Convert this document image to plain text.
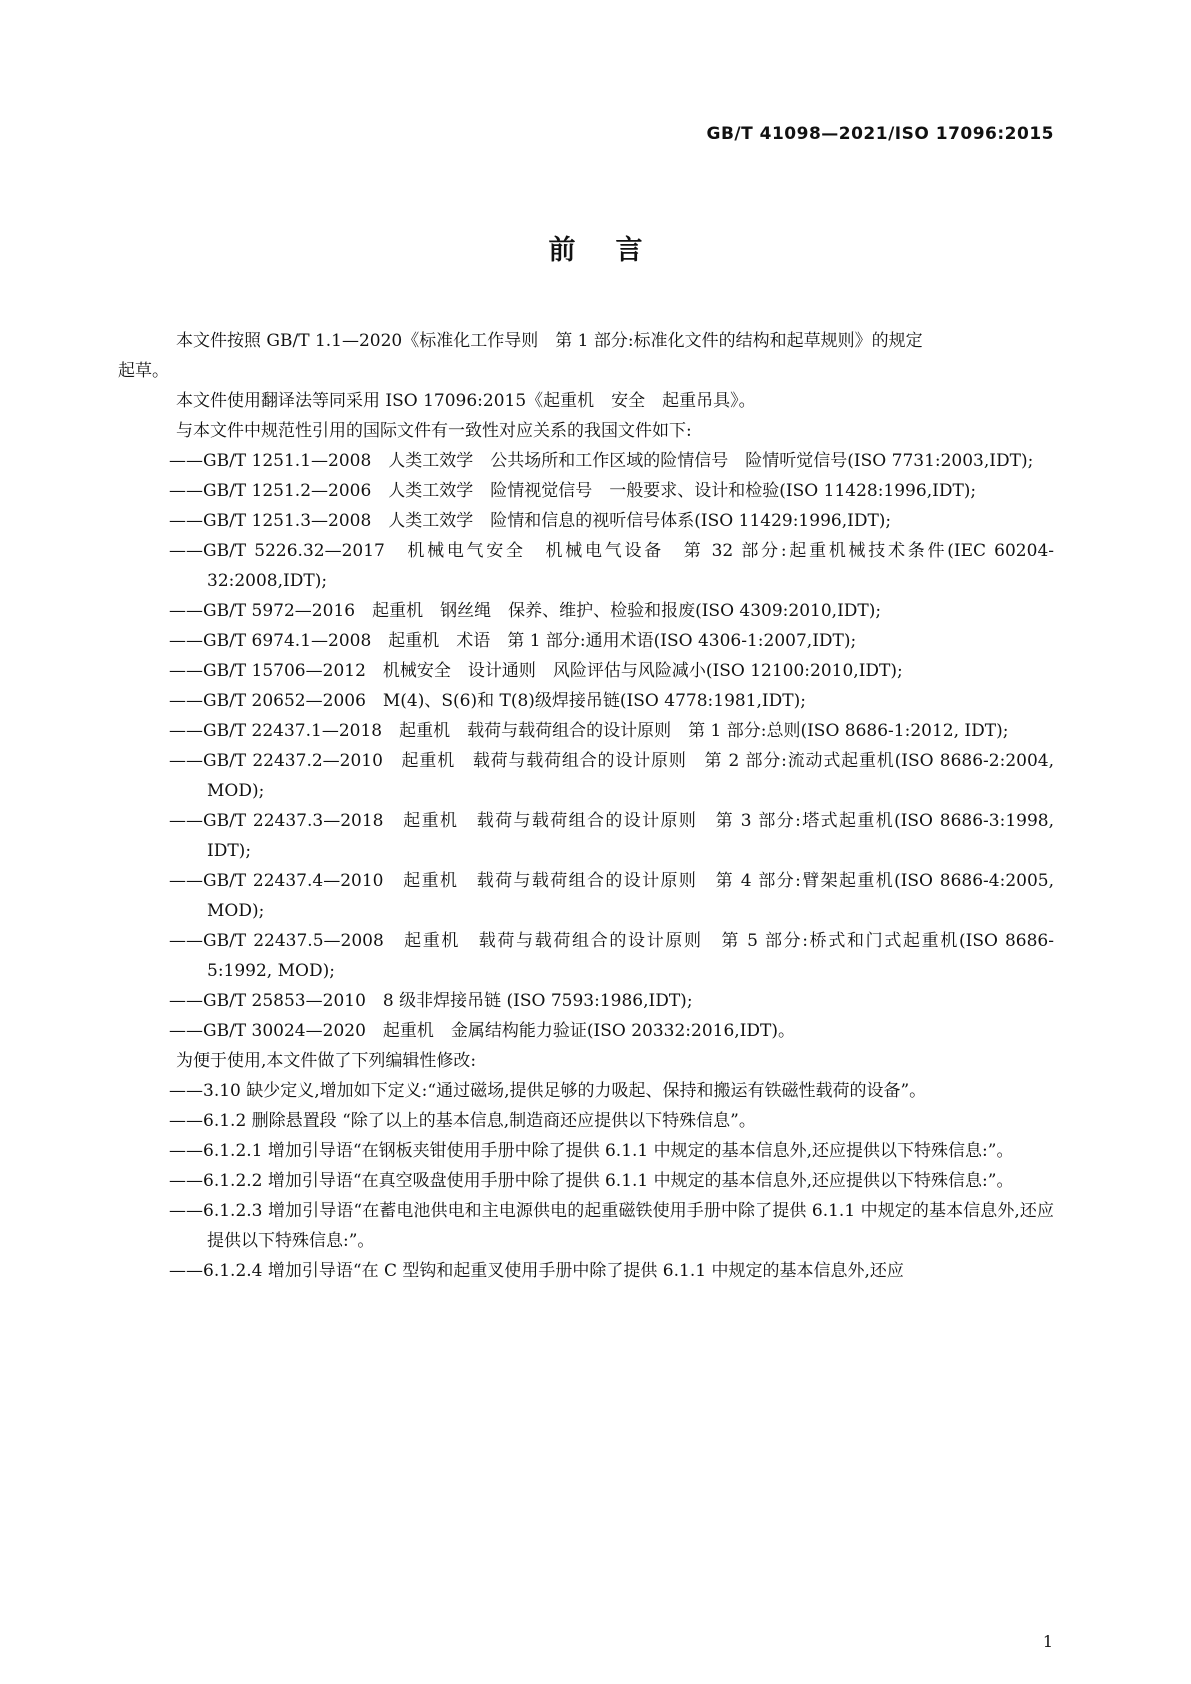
GB/T 41098—2021/ISO 17096:2015
前言

本文件按照 GB/T 1.1—2020《标准化工作导则　第 1 部分:标准化文件的结构和起草规则》的规定
起草。

本文件使用翻译法等同采用 ISO 17096:2015《起重机　安全　起重吊具》。

与本文件中规范性引用的国际文件有一致性对应关系的我国文件如下:

——GB/T 1251.1—2008　人类工效学　公共场所和工作区域的险情信号　险情听觉信号(ISO 7731:2003,IDT);
——GB/T 1251.2—2006　人类工效学　险情视觉信号　一般要求、设计和检验(ISO 11428:1996,IDT);
——GB/T 1251.3—2008　人类工效学　险情和信息的视听信号体系(ISO 11429:1996,IDT);
——GB/T 5226.32—2017　机械电气安全　机械电气设备　第 32 部分:起重机械技术条件(IEC 60204-32:2008,IDT);
——GB/T 5972—2016　起重机　钢丝绳　保养、维护、检验和报废(ISO 4309:2010,IDT);
——GB/T 6974.1—2008　起重机　术语　第 1 部分:通用术语(ISO 4306-1:2007,IDT);
——GB/T 15706—2012　机械安全　设计通则　风险评估与风险减小(ISO 12100:2010,IDT);
——GB/T 20652—2006　M(4)、S(6)和 T(8)级焊接吊链(ISO 4778:1981,IDT);
——GB/T 22437.1—2018　起重机　载荷与载荷组合的设计原则　第 1 部分:总则(ISO 8686-1:2012, IDT);
——GB/T 22437.2—2010　起重机　载荷与载荷组合的设计原则　第 2 部分:流动式起重机(ISO 8686-2:2004, MOD);
——GB/T 22437.3—2018　起重机　载荷与载荷组合的设计原则　第 3 部分:塔式起重机(ISO 8686-3:1998, IDT);
——GB/T 22437.4—2010　起重机　载荷与载荷组合的设计原则　第 4 部分:臂架起重机(ISO 8686-4:2005, MOD);
——GB/T 22437.5—2008　起重机　载荷与载荷组合的设计原则　第 5 部分:桥式和门式起重机(ISO 8686-5:1992, MOD);
——GB/T 25853—2010　8 级非焊接吊链 (ISO 7593:1986,IDT);
——GB/T 30024—2020　起重机　金属结构能力验证(ISO 20332:2016,IDT)。

为便于使用,本文件做了下列编辑性修改:

——3.10 缺少定义,增加如下定义:“通过磁场,提供足够的力吸起、保持和搬运有铁磁性载荷的设备”。
——6.1.2 删除悬置段 “除了以上的基本信息,制造商还应提供以下特殊信息”。
——6.1.2.1 增加引导语“在钢板夹钳使用手册中除了提供 6.1.1 中规定的基本信息外,还应提供以下特殊信息:”。
——6.1.2.2 增加引导语“在真空吸盘使用手册中除了提供 6.1.1 中规定的基本信息外,还应提供以下特殊信息:”。
——6.1.2.3 增加引导语“在蓄电池供电和主电源供电的起重磁铁使用手册中除了提供 6.1.1 中规定的基本信息外,还应提供以下特殊信息:”。
——6.1.2.4 增加引导语“在 C 型钩和起重叉使用手册中除了提供 6.1.1 中规定的基本信息外,还应
1
